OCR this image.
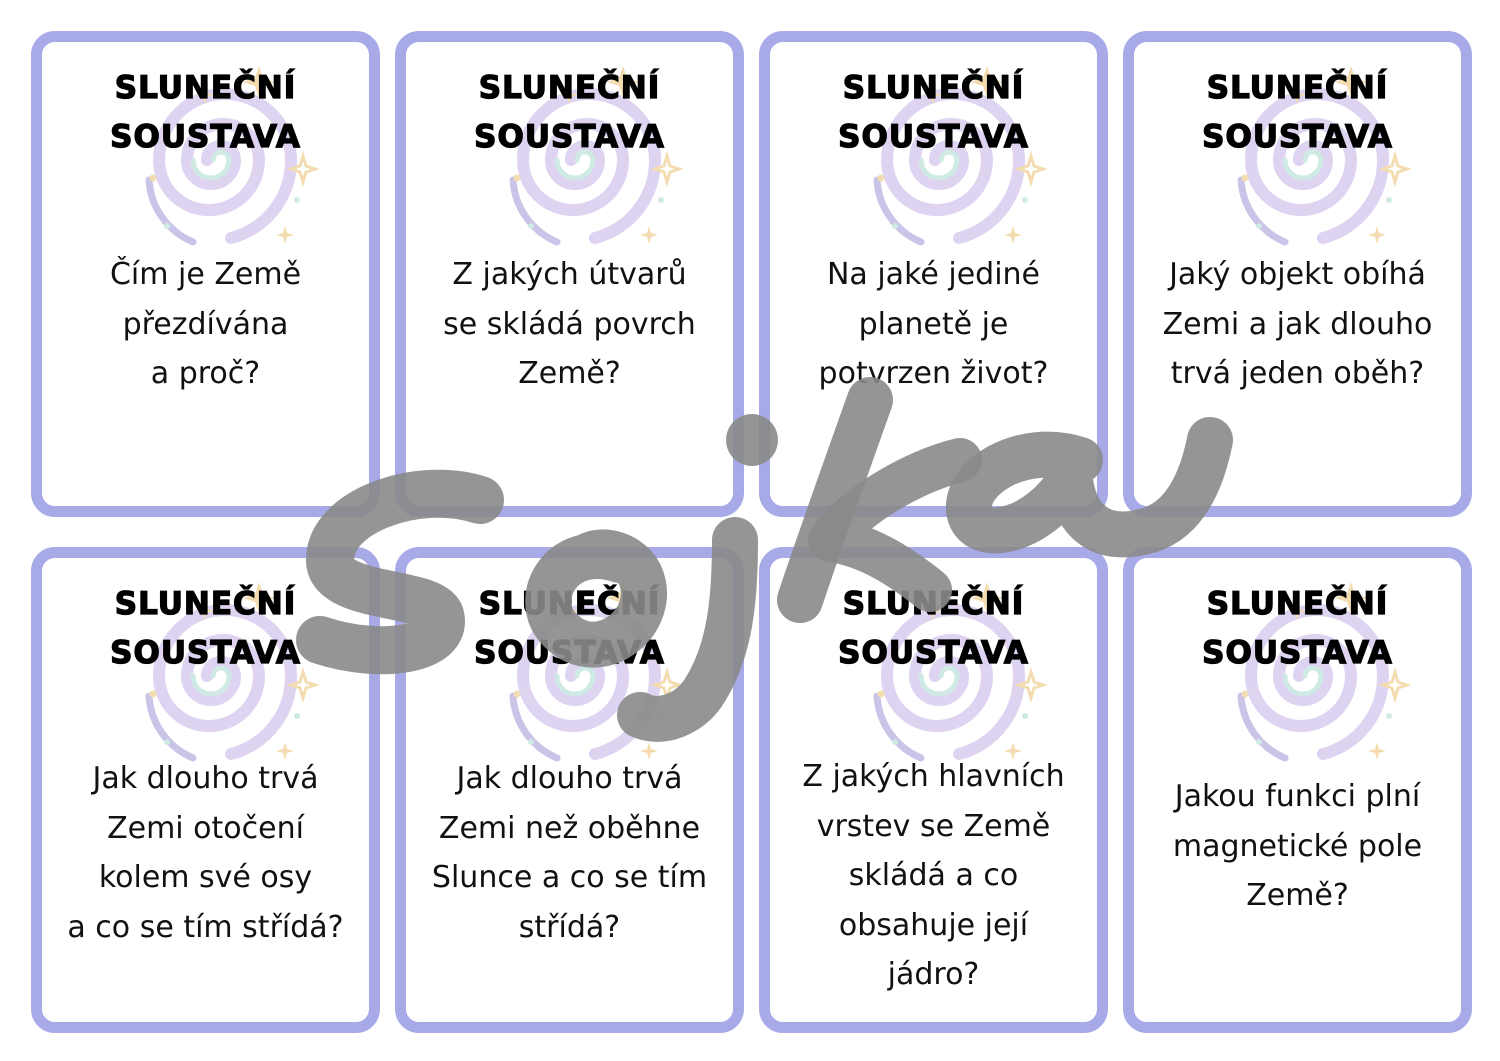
SLUNEČNÍ
SOUSTAVA
Čím je Země
přezdívána
a proč?
SLUNEČNÍ
SOUSTAVA
Z jakých útvarů
se skládá povrch
Země?
SLUNEČNÍ
SOUSTAVA
Na jaké jediné
planetě je
potvrzen život?
SLUNEČNÍ
SOUSTAVA
Jaký objekt obíhá
Zemi a jak dlouho
trvá jeden oběh?
SLUNEČNÍ
SOUSTAVA
Jak dlouho trvá
Zemi otočení
kolem své osy
a co se tím střídá?
SLUNEČNÍ
SOUSTAVA
Jak dlouho trvá
Zemi než oběhne
Slunce a co se tím
střídá?
SLUNEČNÍ
SOUSTAVA
Z jakých hlavních
vrstev se Země
skládá a co
obsahuje její
jádro?
SLUNEČNÍ
SOUSTAVA
Jakou funkci plní
magnetické pole
Země?
